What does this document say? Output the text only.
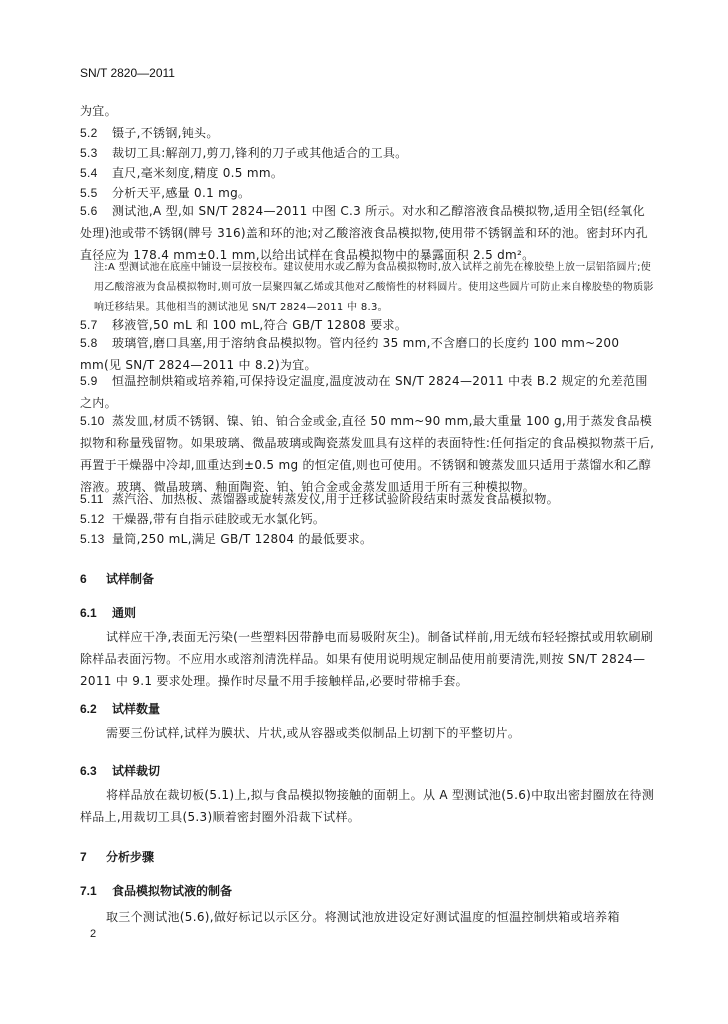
SN/T 2820—2011
为宜。
5.2 镊子,不锈钢,钝头。
5.3 裁切工具:解剖刀,剪刀,锋利的刀子或其他适合的工具。
5.4 直尺,毫米刻度,精度 0.5 mm。
5.5 分析天平,感量 0.1 mg。
5.6 测试池,A 型,如 SN/T 2824—2011 中图 C.3 所示。对水和乙醇溶液食品模拟物,适用全铝(经氧化处理)池或带不锈钢(牌号 316)盖和环的池;对乙酸溶液食品模拟物,使用带不锈钢盖和环的池。密封环内孔直径应为 178.4 mm±0.1 mm,以给出试样在食品模拟物中的暴露面积 2.5 dm²。
注:A 型测试池在底座中铺设一层按校布。建议使用水或乙醇为食品模拟物时,放入试样之前先在橡胶垫上放一层铝箔圆片;使用乙酸溶液为食品模拟物时,则可放一层聚四氟乙烯或其他对乙酸惰性的材料圆片。使用这些圆片可防止来自橡胶垫的物质影响迁移结果。其他相当的测试池见 SN/T 2824—2011 中 8.3。
5.7 移液管,50 mL 和 100 mL,符合 GB/T 12808 要求。
5.8 玻璃管,磨口具塞,用于溶纳食品模拟物。管内径约 35 mm,不含磨口的长度约 100 mm~200 mm(见 SN/T 2824—2011 中 8.2)为宜。
5.9 恒温控制烘箱或培养箱,可保持设定温度,温度波动在 SN/T 2824—2011 中表 B.2 规定的允差范围之内。
5.10 蒸发皿,材质不锈钢、镍、铂、铂合金或金,直径 50 mm~90 mm,最大重量 100 g,用于蒸发食品模拟物和称量残留物。如果玻璃、微晶玻璃或陶瓷蒸发皿具有这样的表面特性:任何指定的食品模拟物蒸干后,再置于干燥器中冷却,皿重达到±0.5 mg 的恒定值,则也可使用。不锈钢和镀蒸发皿只适用于蒸馏水和乙醇溶液。玻璃、微晶玻璃、釉面陶瓷、铂、铂合金或金蒸发皿适用于所有三种模拟物。
5.11 蒸汽浴、加热板、蒸馏器或旋转蒸发仪,用于迁移试验阶段结束时蒸发食品模拟物。
5.12 干燥器,带有自指示硅胶或无水氯化钙。
5.13 量筒,250 mL,满足 GB/T 12804 的最低要求。
6 试样制备
6.1 通则
试样应干净,表面无污染(一些塑料因带静电而易吸附灰尘)。制备试样前,用无绒布轻轻擦拭或用软刷刷除样品表面污物。不应用水或溶剂清洗样品。如果有使用说明规定制品使用前要清洗,则按 SN/T 2824—2011 中 9.1 要求处理。操作时尽量不用手接触样品,必要时带棉手套。
6.2 试样数量
需要三份试样,试样为膜状、片状,或从容器或类似制品上切割下的平整切片。
6.3 试样裁切
将样品放在裁切板(5.1)上,拟与食品模拟物接触的面朝上。从 A 型测试池(5.6)中取出密封圈放在待测样品上,用裁切工具(5.3)顺着密封圈外沿裁下试样。
7 分析步骤
7.1 食品模拟物试液的制备
取三个测试池(5.6),做好标记以示区分。将测试池放进设定好测试温度的恒温控制烘箱或培养箱
2
